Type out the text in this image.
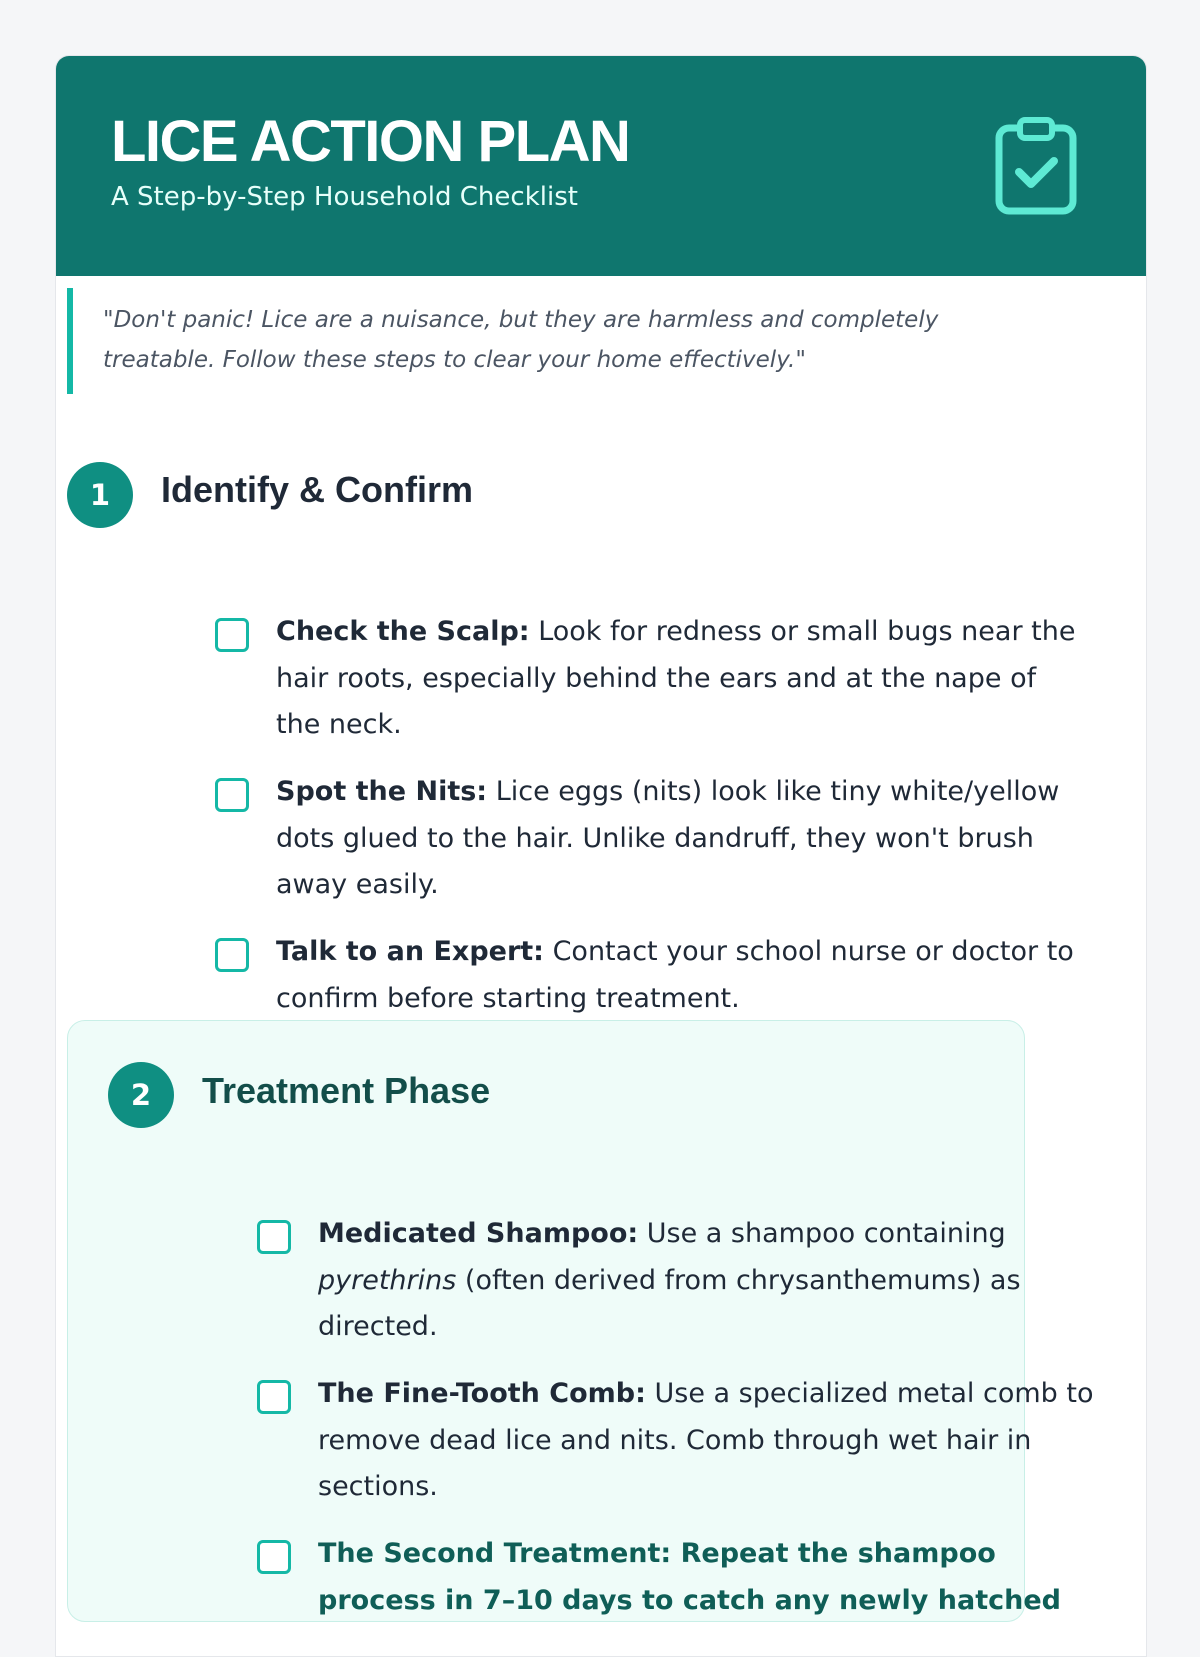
LICE ACTION PLAN
A Step-by-Step Household Checklist
"Don't panic! Lice are a nuisance, but they are harmless and completely treatable. Follow these steps to clear your home effectively."
1	Identify & Confirm
Check the Scalp: Look for redness or small bugs near the hair roots, especially behind the ears and at the nape of the neck.
Spot the Nits: Lice eggs (nits) look like tiny white/yellow dots glued to the hair. Unlike dandruff, they won't brush away easily.
Talk to an Expert: Contact your school nurse or doctor to confirm before starting treatment.
2	Treatment Phase
Medicated Shampoo: Use a shampoo containing pyrethrins (often derived from chrysanthemums) as directed.
The Fine-Tooth Comb: Use a specialized metal comb to remove dead lice and nits. Comb through wet hair in sections.
The Second Treatment: Repeat the shampoo process in 7–10 days to catch any newly hatched
